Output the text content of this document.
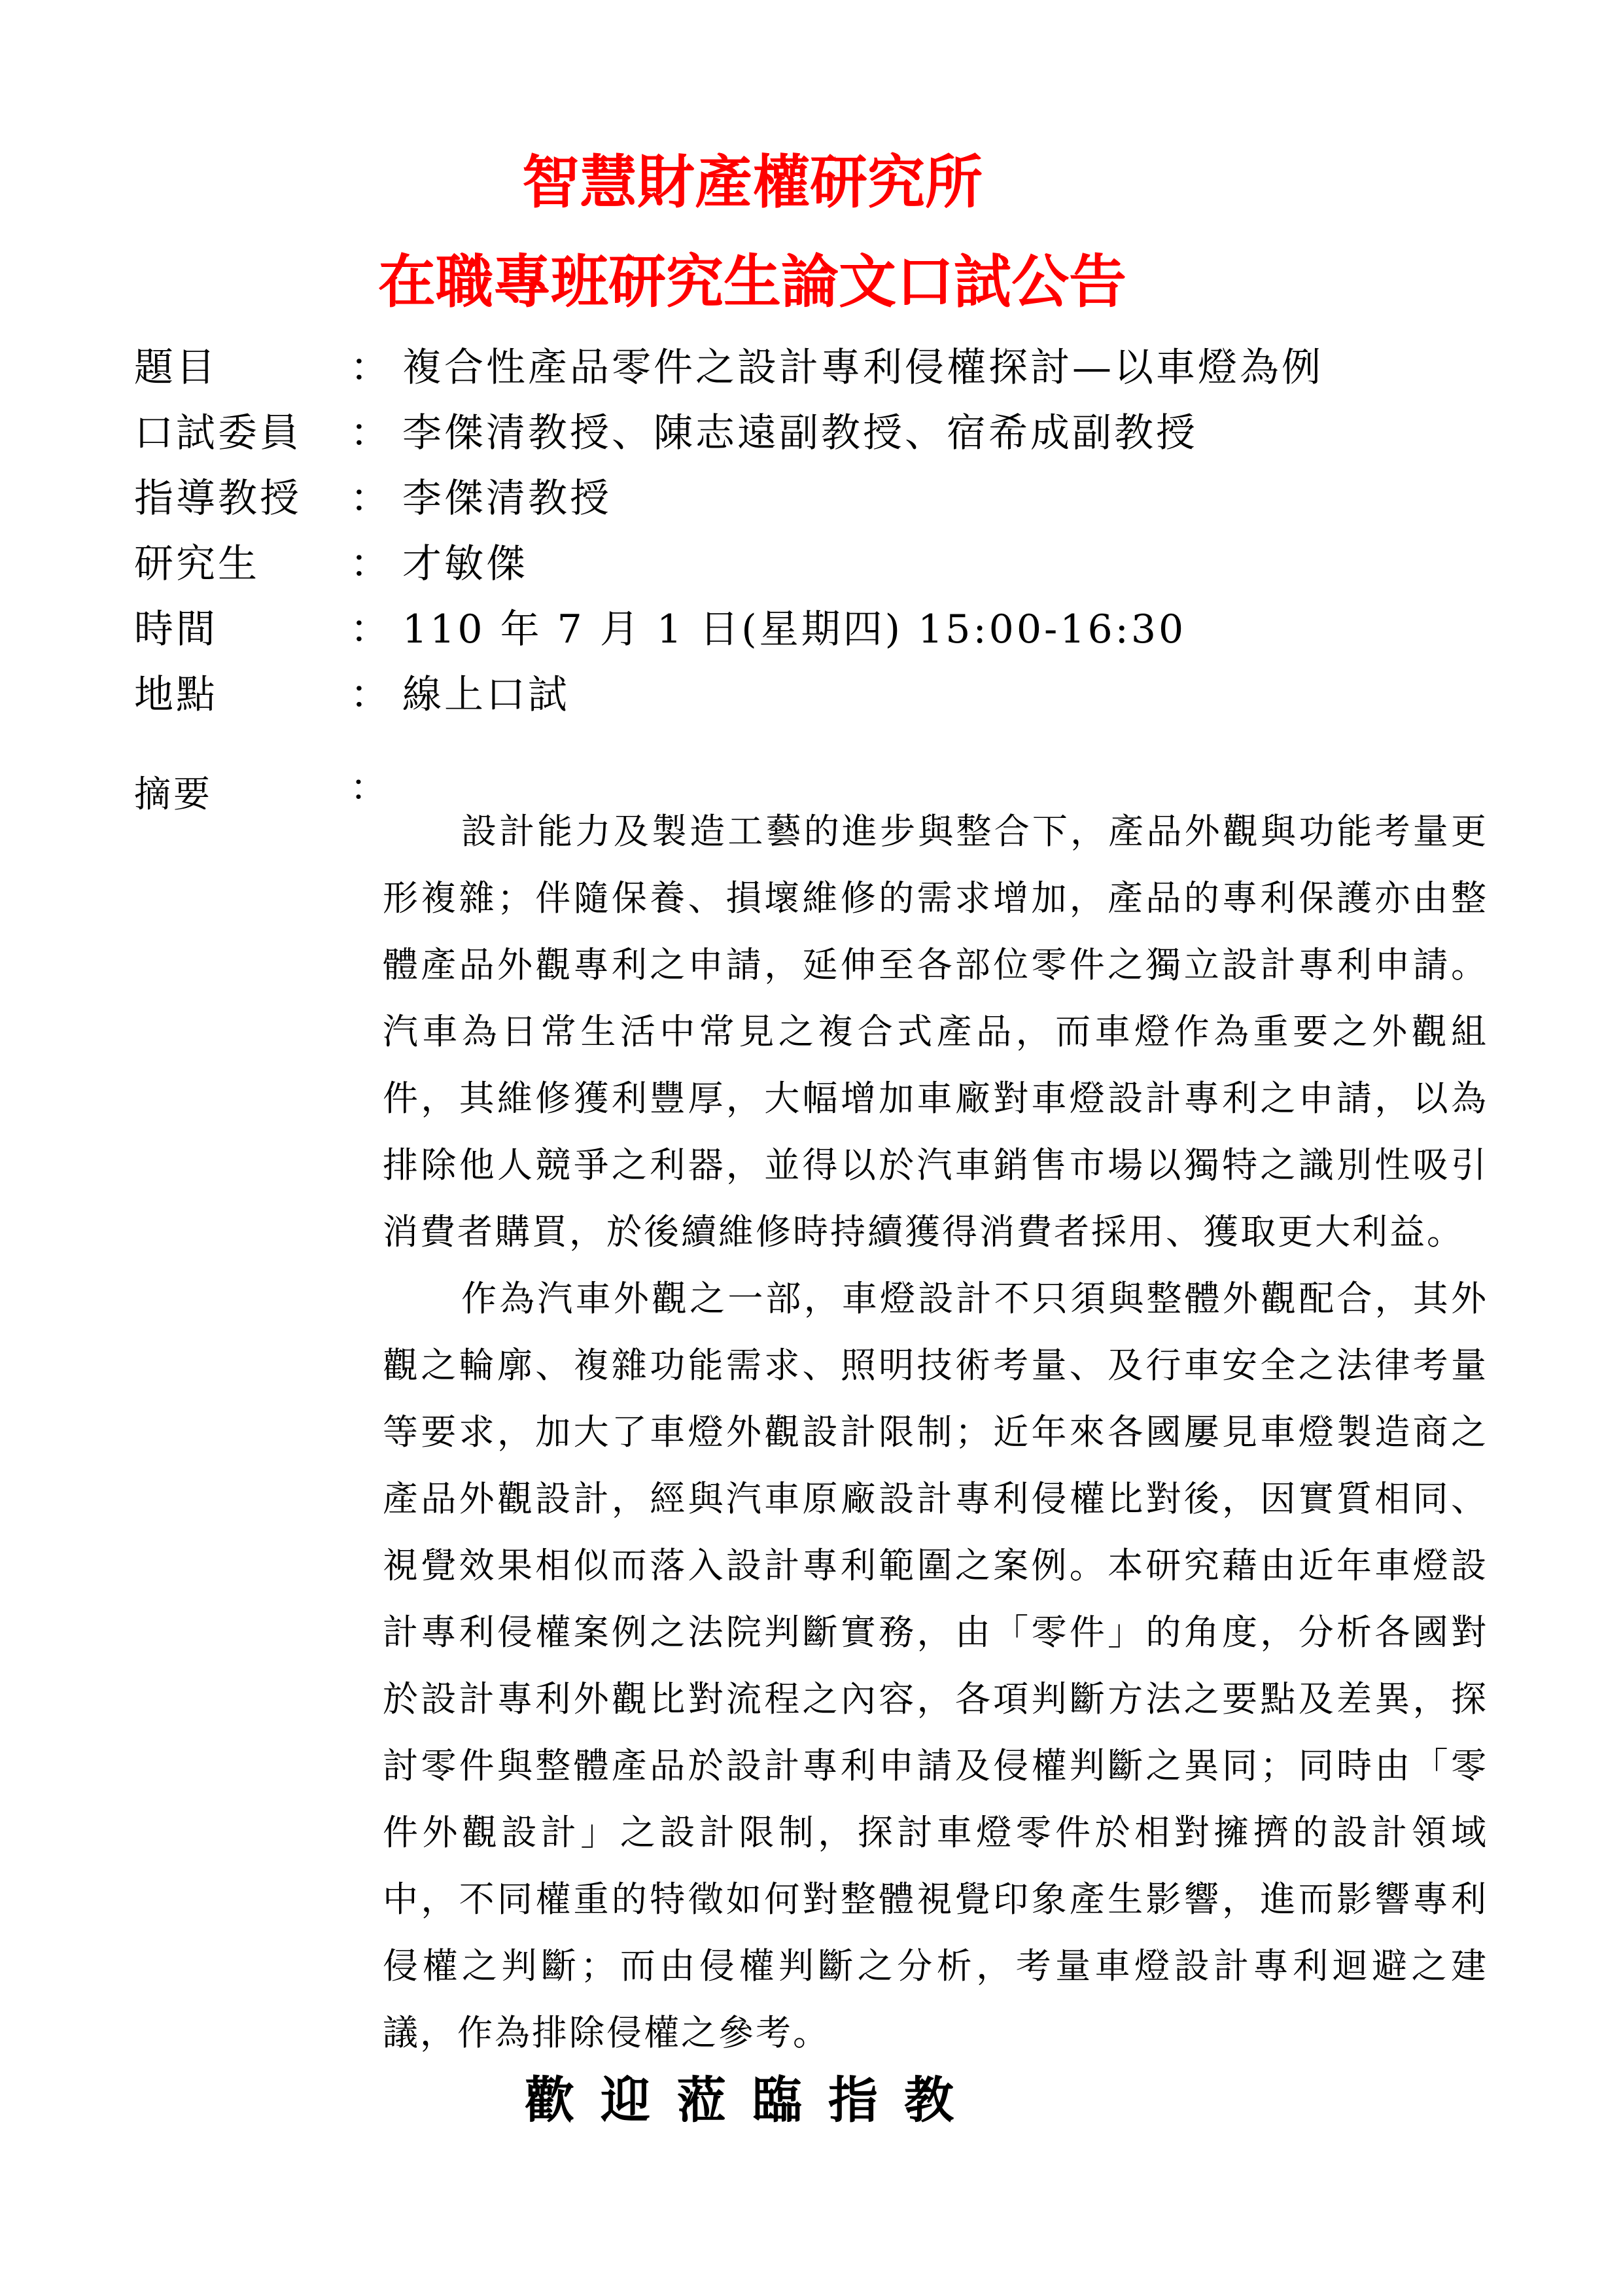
智慧財產權研究所
在職專班研究生論文口試公告
題目	： 複合性產品零件之設計專利侵權探討—以車燈為例
口試委員 ： 李傑清教授、陳志遠副教授、宿希成副教授
指導教授 ： 李傑清教授
研究生 ： 才敏傑
時間	： 110 年 7 月 1 日(星期四) 15:00-16:30
地點	： 線上口試
摘要	：

設計能力及製造工藝的進步與整合下，產品外觀與功能考量更形複雜；伴隨保養、損壞維修的需求增加，產品的專利保護亦由整體產品外觀專利之申請，延伸至各部位零件之獨立設計專利申請。汽車為日常生活中常見之複合式產品，而車燈作為重要之外觀組件，其維修獲利豐厚，大幅增加車廠對車燈設計專利之申請，以為排除他人競爭之利器，並得以於汽車銷售市場以獨特之識別性吸引消費者購買，於後續維修時持續獲得消費者採用、獲取更大利益。

作為汽車外觀之一部，車燈設計不只須與整體外觀配合，其外觀之輪廓、複雜功能需求、照明技術考量、及行車安全之法律考量等要求，加大了車燈外觀設計限制；近年來各國屢見車燈製造商之產品外觀設計，經與汽車原廠設計專利侵權比對後，因實質相同、視覺效果相似而落入設計專利範圍之案例。本研究藉由近年車燈設計專利侵權案例之法院判斷實務，由「零件」的角度，分析各國對於設計專利外觀比對流程之內容，各項判斷方法之要點及差異，探討零件與整體產品於設計專利申請及侵權判斷之異同；同時由「零件外觀設計」之設計限制，探討車燈零件於相對擁擠的設計領域中，不同權重的特徵如何對整體視覺印象產生影響，進而影響專利侵權之判斷；而由侵權判斷之分析，考量車燈設計專利迴避之建議，作為排除侵權之參考。

歡迎蒞臨指教
